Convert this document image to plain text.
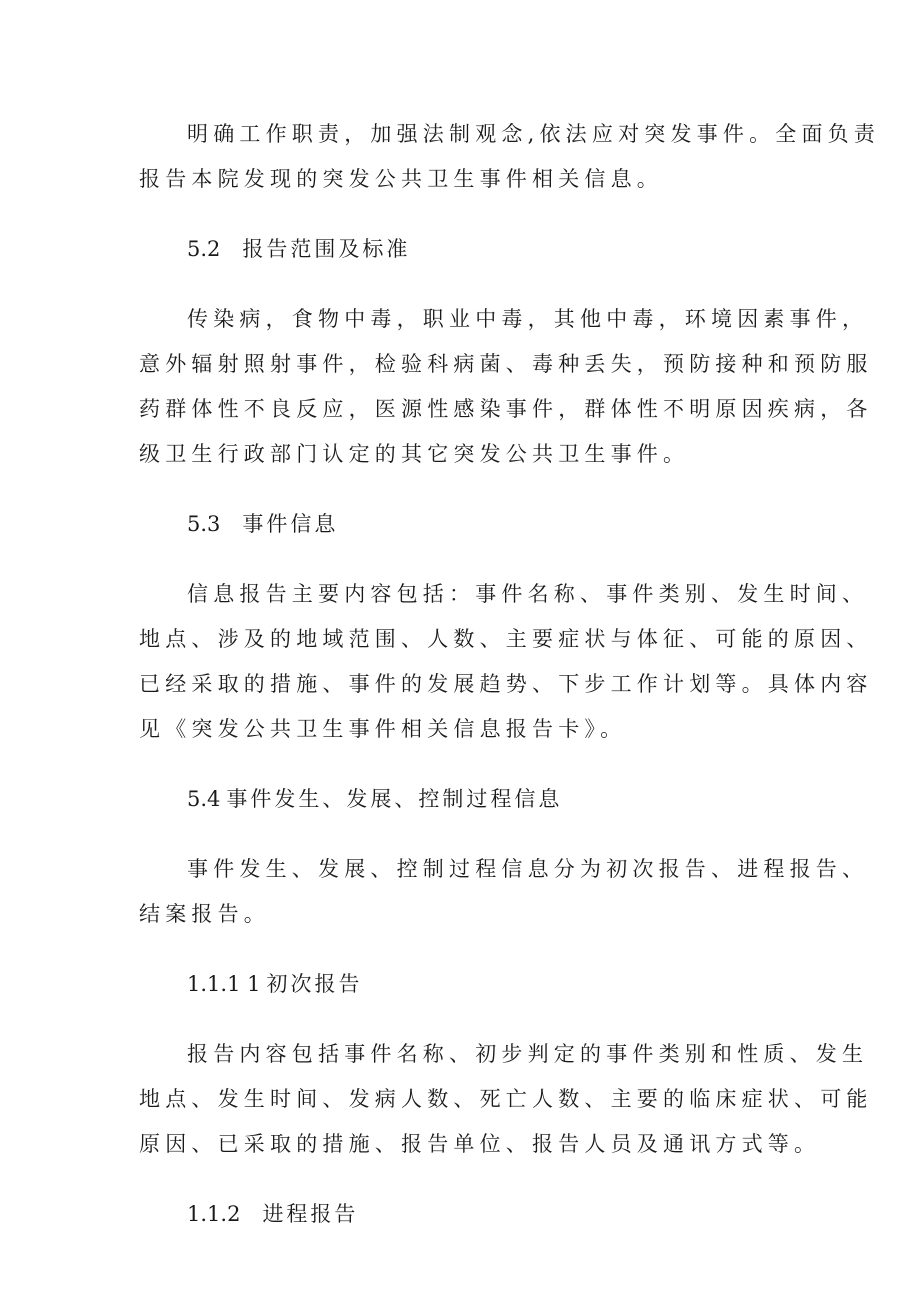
明确工作职责，加强法制观念,依法应对突发事件。全面负责
报告本院发现的突发公共卫生事件相关信息。
5.2 报告范围及标准
传染病，食物中毒，职业中毒，其他中毒，环境因素事件，
意外辐射照射事件，检验科病菌、毒种丢失，预防接种和预防服
药群体性不良反应，医源性感染事件，群体性不明原因疾病，各
级卫生行政部门认定的其它突发公共卫生事件。
5.3 事件信息
信息报告主要内容包括：事件名称、事件类别、发生时间、
地点、涉及的地域范围、人数、主要症状与体征、可能的原因、
已经采取的措施、事件的发展趋势、下步工作计划等。具体内容
见《突发公共卫生事件相关信息报告卡》。
5.4 事件发生、发展、控制过程信息
事件发生、发展、控制过程信息分为初次报告、进程报告、
结案报告。
1.1.1 1 初次报告
报告内容包括事件名称、初步判定的事件类别和性质、发生
地点、发生时间、发病人数、死亡人数、主要的临床症状、可能
原因、已采取的措施、报告单位、报告人员及通讯方式等。
1.1.2 进程报告
